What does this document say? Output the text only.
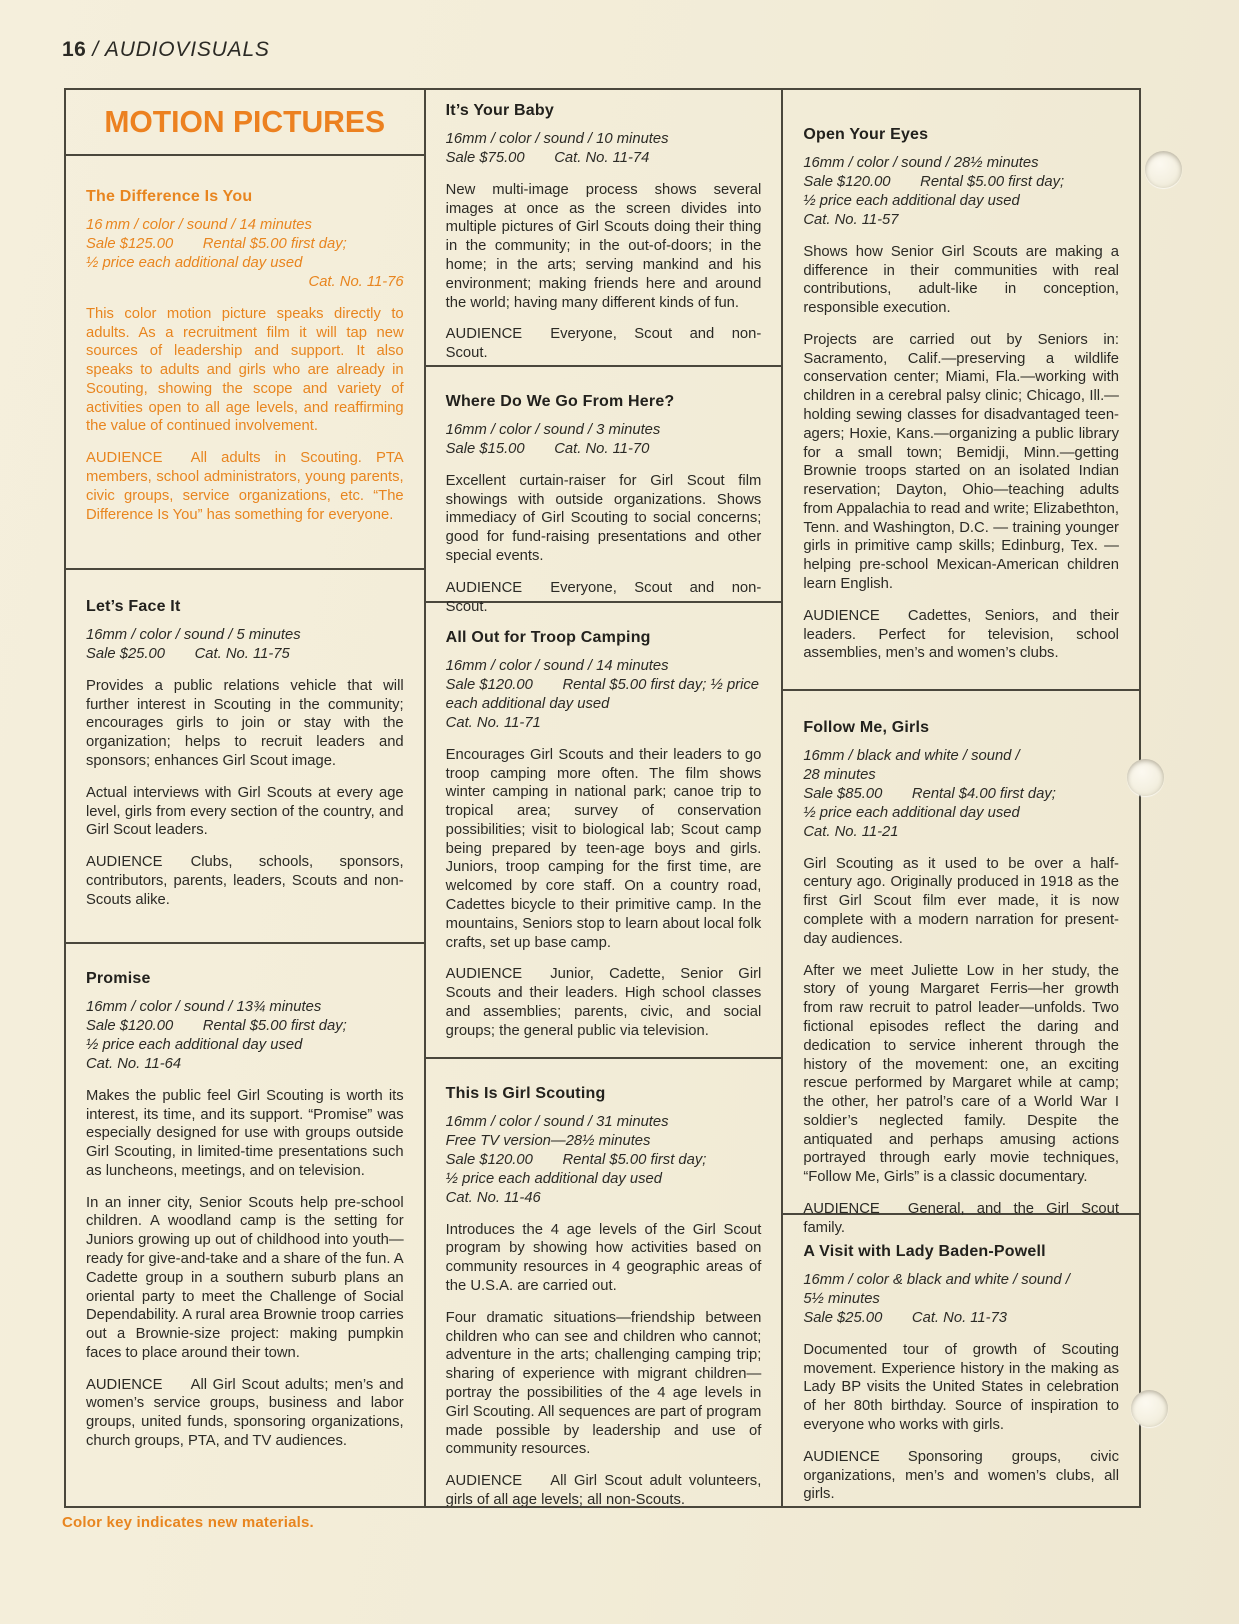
16 / AUDIOVISUALS
MOTION PICTURES
The Difference Is You
16 mm / color / sound / 14 minutes
Sale $125.00  Rental $5.00 first day;
½ price each additional day used
Cat. No. 11-76

This color motion picture speaks directly to adults. As a recruitment film it will tap new sources of leadership and support. It also speaks to adults and girls who are already in Scouting, showing the scope and variety of activities open to all age levels, and reaffirming the value of continued involvement.

AUDIENCE All adults in Scouting. PTA members, school administrators, young parents, civic groups, service organizations, etc. “The Difference Is You” has something for everyone.

Let’s Face It
16mm / color / sound / 5 minutes
Sale $25.00  Cat. No. 11-75

Provides a public relations vehicle that will further interest in Scouting in the community; encourages girls to join or stay with the organization; helps to recruit leaders and sponsors; enhances Girl Scout image.

Actual interviews with Girl Scouts at every age level, girls from every section of the country, and Girl Scout leaders.

AUDIENCE Clubs, schools, sponsors, contributors, parents, leaders, Scouts and non-Scouts alike.

Promise
16mm / color / sound / 13¾ minutes
Sale $120.00  Rental $5.00 first day;
½ price each additional day used
Cat. No. 11-64

Makes the public feel Girl Scouting is worth its interest, its time, and its support. “Promise” was especially designed for use with groups outside Girl Scouting, in limited-time presentations such as luncheons, meetings, and on television.

In an inner city, Senior Scouts help pre-school children. A woodland camp is the setting for Juniors growing up out of childhood into youth—ready for give-and-take and a share of the fun. A Cadette group in a southern suburb plans an oriental party to meet the Challenge of Social Dependability. A rural area Brownie troop carries out a Brownie-size project: making pumpkin faces to place around their town.

AUDIENCE All Girl Scout adults; men’s and women’s service groups, business and labor groups, united funds, sponsoring organizations, church groups, PTA, and TV audiences.

It’s Your Baby
16mm / color / sound / 10 minutes
Sale $75.00  Cat. No. 11-74

New multi-image process shows several images at once as the screen divides into multiple pictures of Girl Scouts doing their thing in the community; in the out-of-doors; in the home; in the arts; serving mankind and his environment; making friends here and around the world; having many different kinds of fun.

AUDIENCE Everyone, Scout and non-Scout.

Where Do We Go From Here?
16mm / color / sound / 3 minutes
Sale $15.00  Cat. No. 11-70

Excellent curtain-raiser for Girl Scout film showings with outside organizations. Shows immediacy of Girl Scouting to social concerns; good for fund-raising presentations and other special events.

AUDIENCE Everyone, Scout and non-Scout.

All Out for Troop Camping
16mm / color / sound / 14 minutes
Sale $120.00  Rental $5.00 first day; ½ price each additional day used
Cat. No. 11-71

Encourages Girl Scouts and their leaders to go troop camping more often. The film shows winter camping in national park; canoe trip to tropical area; survey of conservation possibilities; visit to biological lab; Scout camp being prepared by teen-age boys and girls. Juniors, troop camping for the first time, are welcomed by core staff. On a country road, Cadettes bicycle to their primitive camp. In the mountains, Seniors stop to learn about local folk crafts, set up base camp.

AUDIENCE Junior, Cadette, Senior Girl Scouts and their leaders. High school classes and assemblies; parents, civic, and social groups; the general public via television.

This Is Girl Scouting
16mm / color / sound / 31 minutes
Free TV version—28½ minutes
Sale $120.00  Rental $5.00 first day;
½ price each additional day used
Cat. No. 11-46

Introduces the 4 age levels of the Girl Scout program by showing how activities based on community resources in 4 geographic areas of the U.S.A. are carried out.

Four dramatic situations—friendship between children who can see and children who cannot; adventure in the arts; challenging camping trip; sharing of experience with migrant children—portray the possibilities of the 4 age levels in Girl Scouting. All sequences are part of program made possible by leadership and use of community resources.

AUDIENCE All Girl Scout adult volunteers, girls of all age levels; all non-Scouts.

Open Your Eyes
16mm / color / sound / 28½ minutes
Sale $120.00  Rental $5.00 first day;
½ price each additional day used
Cat. No. 11-57

Shows how Senior Girl Scouts are making a difference in their communities with real contributions, adult-like in conception, responsible execution.

Projects are carried out by Seniors in: Sacramento, Calif.—preserving a wildlife conservation center; Miami, Fla.—working with children in a cerebral palsy clinic; Chicago, Ill.—holding sewing classes for disadvantaged teen-agers; Hoxie, Kans.—organizing a public library for a small town; Bemidji, Minn.—getting Brownie troops started on an isolated Indian reservation; Dayton, Ohio—teaching adults from Appalachia to read and write; Elizabethton, Tenn. and Washington, D.C. — training younger girls in primitive camp skills; Edinburg, Tex. — helping pre-school Mexican-American children learn English.

AUDIENCE Cadettes, Seniors, and their leaders. Perfect for television, school assemblies, men’s and women’s clubs.

Follow Me, Girls
16mm / black and white / sound /
28 minutes
Sale $85.00  Rental $4.00 first day;
½ price each additional day used
Cat. No. 11-21

Girl Scouting as it used to be over a half-century ago. Originally produced in 1918 as the first Girl Scout film ever made, it is now complete with a modern narration for present-day audiences.

After we meet Juliette Low in her study, the story of young Margaret Ferris—her growth from raw recruit to patrol leader—unfolds. Two fictional episodes reflect the daring and dedication to service inherent through the history of the movement: one, an exciting rescue performed by Margaret while at camp; the other, her patrol’s care of a World War I soldier’s neglected family. Despite the antiquated and perhaps amusing actions portrayed through early movie techniques, “Follow Me, Girls” is a classic documentary.

AUDIENCE General, and the Girl Scout family.

A Visit with Lady Baden-Powell
16mm / color & black and white / sound /
5½ minutes
Sale $25.00  Cat. No. 11-73

Documented tour of growth of Scouting movement. Experience history in the making as Lady BP visits the United States in celebration of her 80th birthday. Source of inspiration to everyone who works with girls.

AUDIENCE Sponsoring groups, civic organizations, men’s and women’s clubs, all girls.

Color key indicates new materials.
